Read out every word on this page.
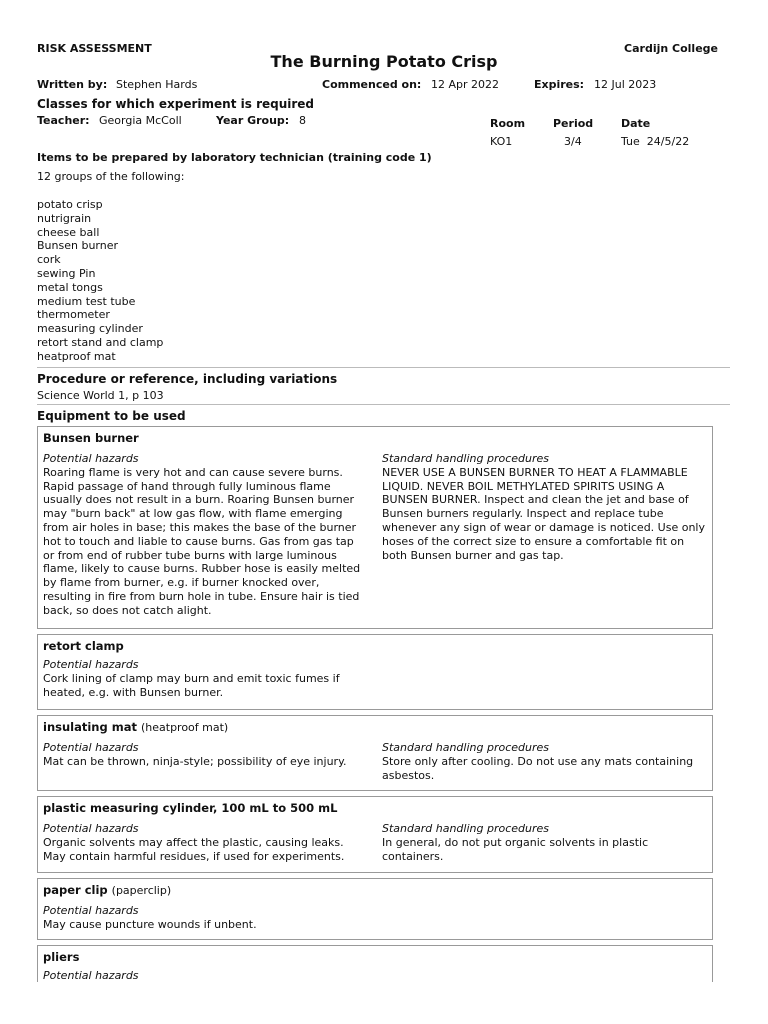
RISK ASSESSMENT	Cardijn College
The Burning Potato Crisp
Written by: Stephen Hards	Commenced on: 12 Apr 2022	Expires: 12 Jul 2023
Classes for which experiment is required
Teacher: Georgia McColl	Year Group: 8	Room	Period	Date
KO1	3/4	Tue  24/5/22
Items to be prepared by laboratory technician (training code 1)
12 groups of the following:
potato crisp
nutrigrain
cheese ball
Bunsen burner
cork
sewing Pin
metal tongs
medium test tube
thermometer
measuring cylinder
retort stand and clamp
heatproof mat
Procedure or reference, including variations
Science World 1, p 103
Equipment to be used
Bunsen burner
Potential hazards
Roaring flame is very hot and can cause severe burns. Rapid passage of hand through fully luminous flame usually does not result in a burn. Roaring Bunsen burner may "burn back" at low gas flow, with flame emerging from air holes in base; this makes the base of the burner hot to touch and liable to cause burns. Gas from gas tap or from end of rubber tube burns with large luminous flame, likely to cause burns. Rubber hose is easily melted by flame from burner, e.g. if burner knocked over, resulting in fire from burn hole in tube. Ensure hair is tied back, so does not catch alight.
Standard handling procedures
NEVER USE A BUNSEN BURNER TO HEAT A FLAMMABLE LIQUID. NEVER BOIL METHYLATED SPIRITS USING A BUNSEN BURNER. Inspect and clean the jet and base of Bunsen burners regularly. Inspect and replace tube whenever any sign of wear or damage is noticed. Use only hoses of the correct size to ensure a comfortable fit on both Bunsen burner and gas tap.
retort clamp
Potential hazards
Cork lining of clamp may burn and emit toxic fumes if heated, e.g. with Bunsen burner.
insulating mat (heatproof mat)
Potential hazards
Mat can be thrown, ninja-style; possibility of eye injury.
Standard handling procedures
Store only after cooling. Do not use any mats containing asbestos.
plastic measuring cylinder, 100 mL to 500 mL
Potential hazards
Organic solvents may affect the plastic, causing leaks. May contain harmful residues, if used for experiments.
Standard handling procedures
In general, do not put organic solvents in plastic containers.
paper clip (paperclip)
Potential hazards
May cause puncture wounds if unbent.
pliers
Potential hazards
